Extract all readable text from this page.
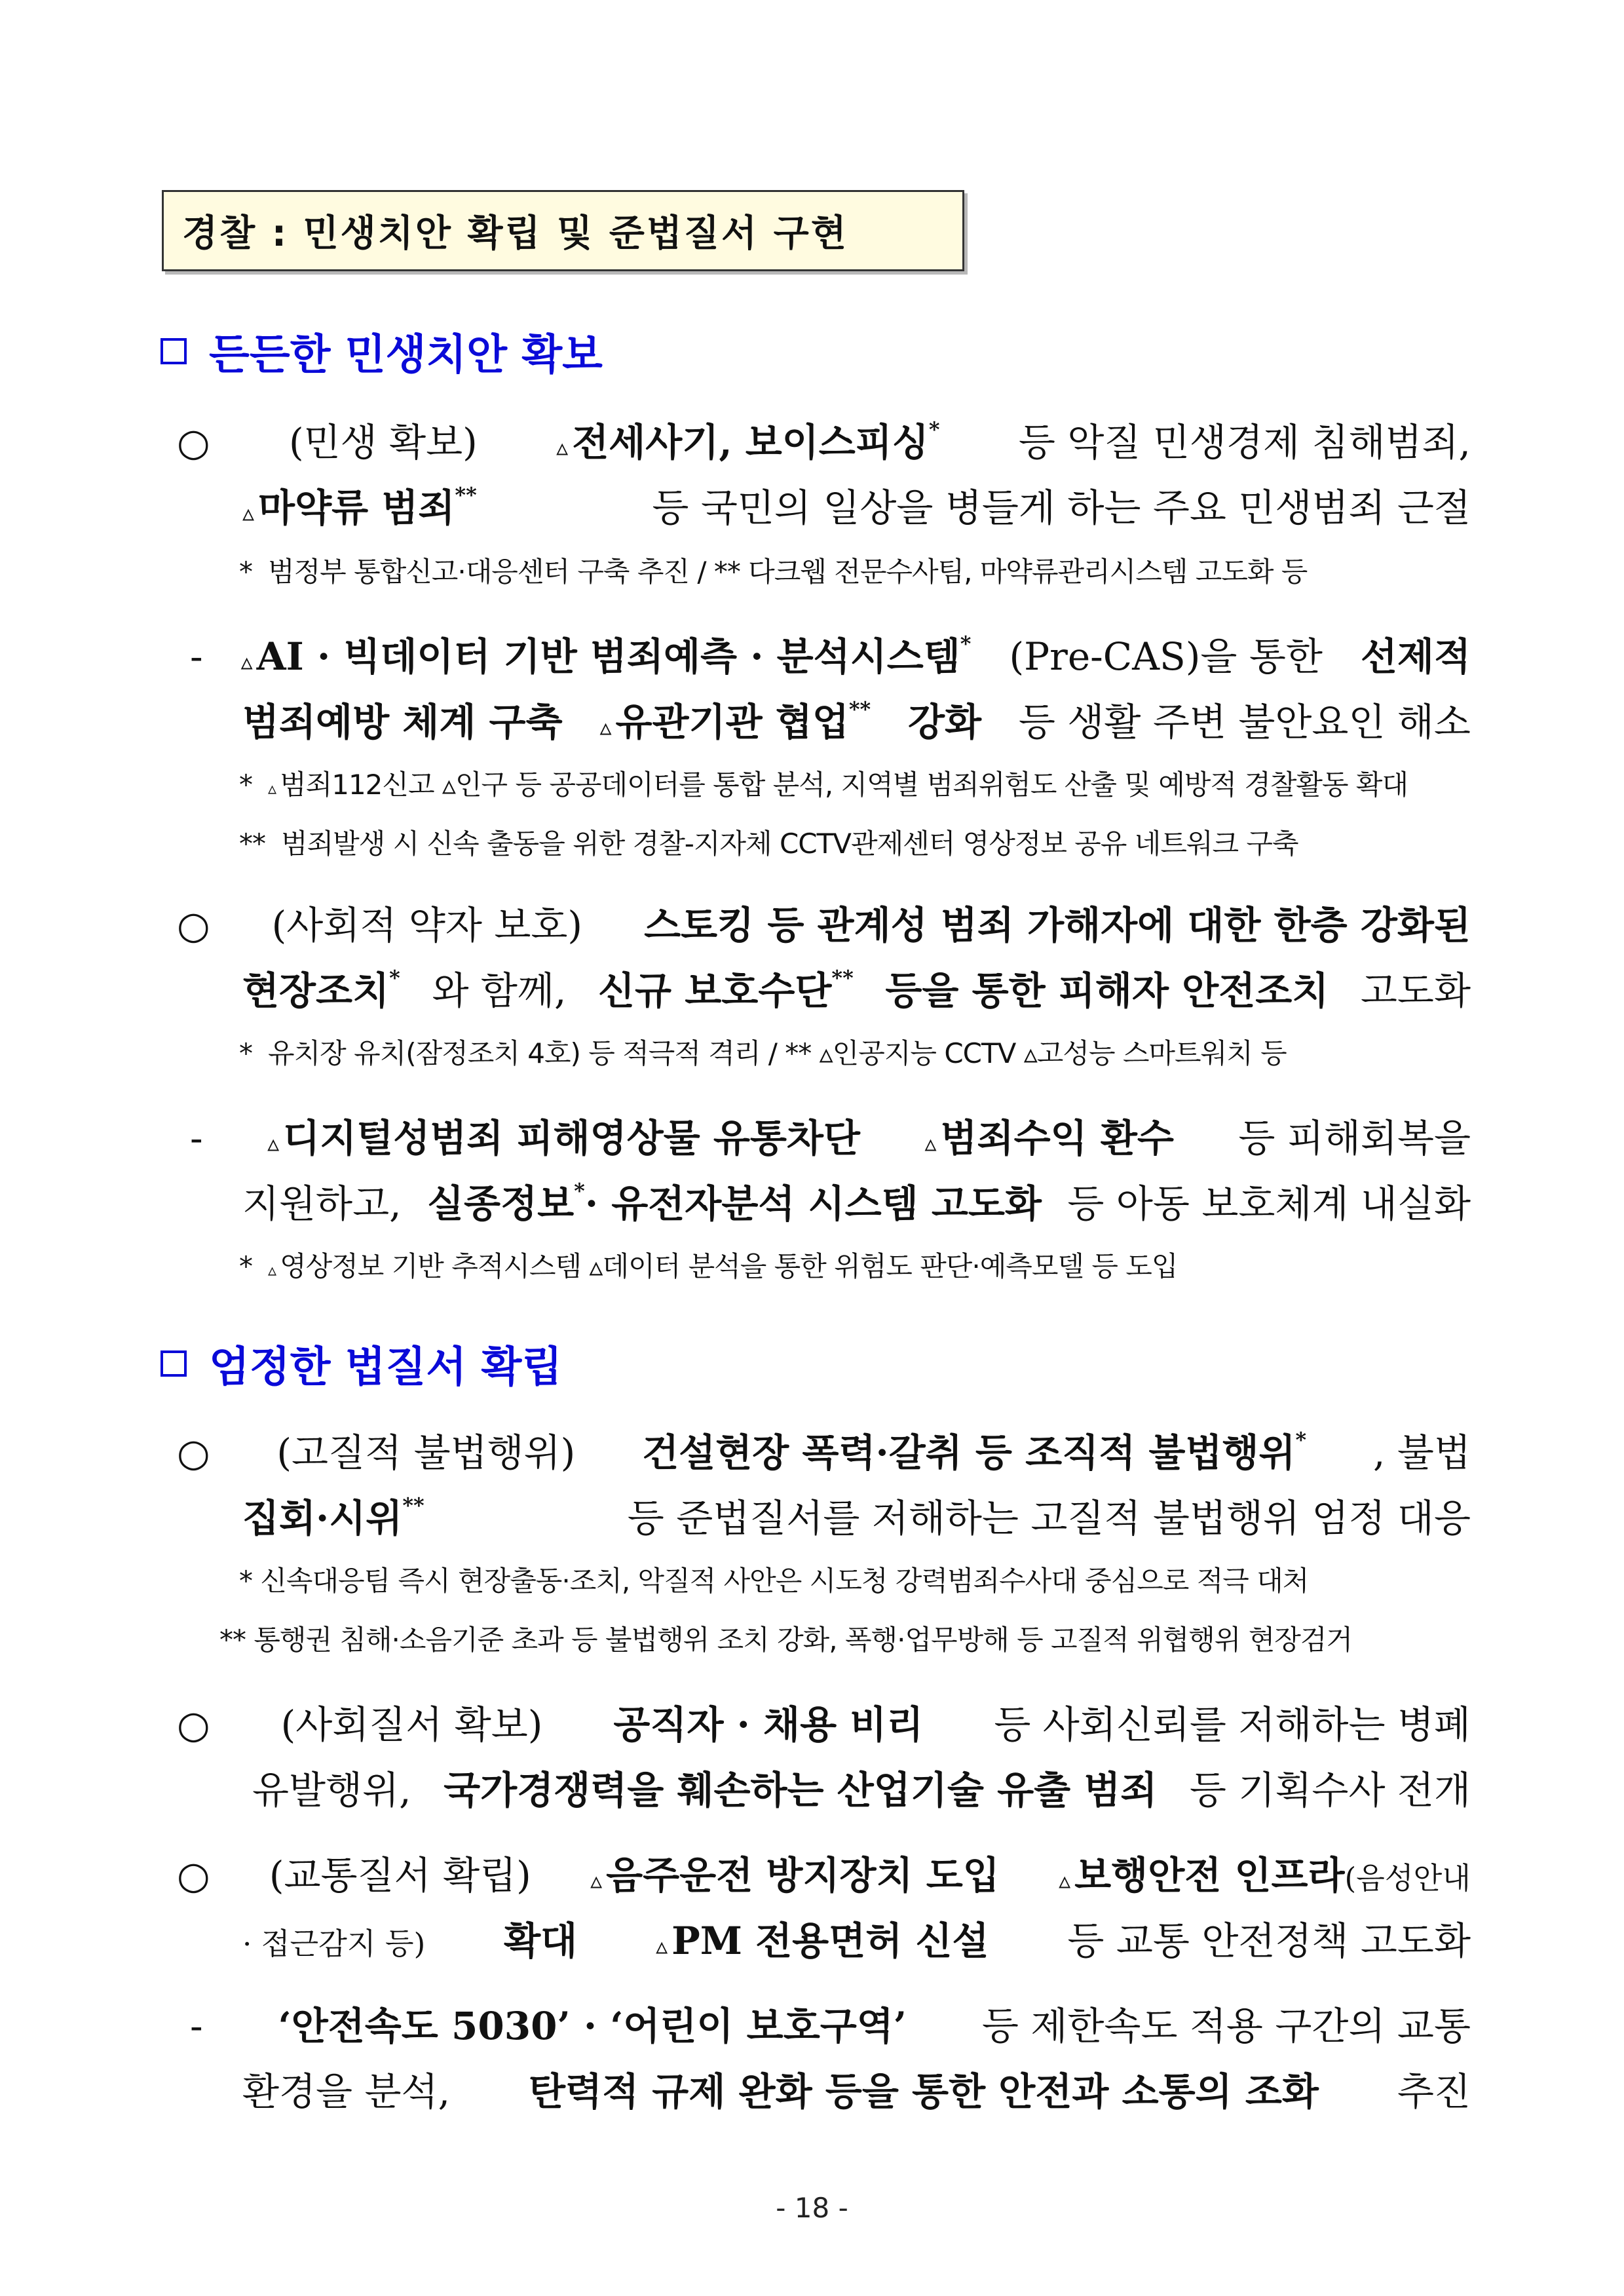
경찰 : 민생치안 확립 및 준법질서 구현
든든한 민생치안 확보
○ (민생 확보)	▵ 전세사기, 보이스피싱* 등 악질 민생경제 침해범죄,
▵ 마약류 범죄**	등 국민의 일상을 병들게 하는 주요 민생범죄 근절
* 범정부 통합신고·대응센터 구축 추진 / ** 다크웹 전문수사팀, 마약류관리시스템 고도화 등
- ▵ AI · 빅데이터 기반 범죄예측 · 분석시스템* (Pre-CAS)을 통한 선제적
범죄예방 체계 구축 ▵ 유관기관 협업** 강화 등 생활 주변 불안요인 해소
* ▵ 범죄112신고 ▵인구 등 공공데이터를 통합 분석, 지역별 범죄위험도 산출 및 예방적 경찰활동 확대
** 범죄발생 시 신속 출동을 위한 경찰-지자체 CCTV관제센터 영상정보 공유 네트워크 구축
○ (사회적 약자 보호) 스토킹 등 관계성 범죄 가해자에 대한 한층 강화된
현장조치* 와 함께, 신규 보호수단** 등을 통한 피해자 안전조치 고도화
* 유치장 유치(잠정조치 4호) 등 적극적 격리 / ** ▵인공지능 CCTV ▵고성능 스마트워치 등
-	▵ 디지털성범죄 피해영상물 유통차단	▵ 범죄수익 환수 등 피해회복을
지원하고, 실종정보*· 유전자분석 시스템 고도화 등 아동 보호체계 내실화
* ▵ 영상정보 기반 추적시스템 ▵데이터 분석을 통한 위험도 판단·예측모델 등 도입
엄정한 법질서 확립
○ (고질적 불법행위) 건설현장 폭력·갈취 등 조직적 불법행위* , 불법
집회·시위**	등 준법질서를 저해하는 고질적 불법행위 엄정 대응
* 신속대응팀 즉시 현장출동·조치, 악질적 사안은 시도청 강력범죄수사대 중심으로 적극 대처
** 통행권 침해·소음기준 초과 등 불법행위 조치 강화, 폭행·업무방해 등 고질적 위협행위 현장검거
○ (사회질서 확보) 공직자 · 채용 비리 등 사회신뢰를 저해하는 병폐
유발행위, 국가경쟁력을 훼손하는 산업기술 유출 범죄 등 기획수사 전개
○ (교통질서 확립)	▵ 음주운전 방지장치 도입	▵ 보행안전 인프라(음성안내
· 접근감지 등) 확대	▵ PM 전용면허 신설 등 교통 안전정책 고도화
- ‘안전속도 5030’ · ‘어린이 보호구역’ 등 제한속도 적용 구간의 교통
환경을 분석, 탄력적 규제 완화 등을 통한 안전과 소통의 조화 추진
- 18 -
